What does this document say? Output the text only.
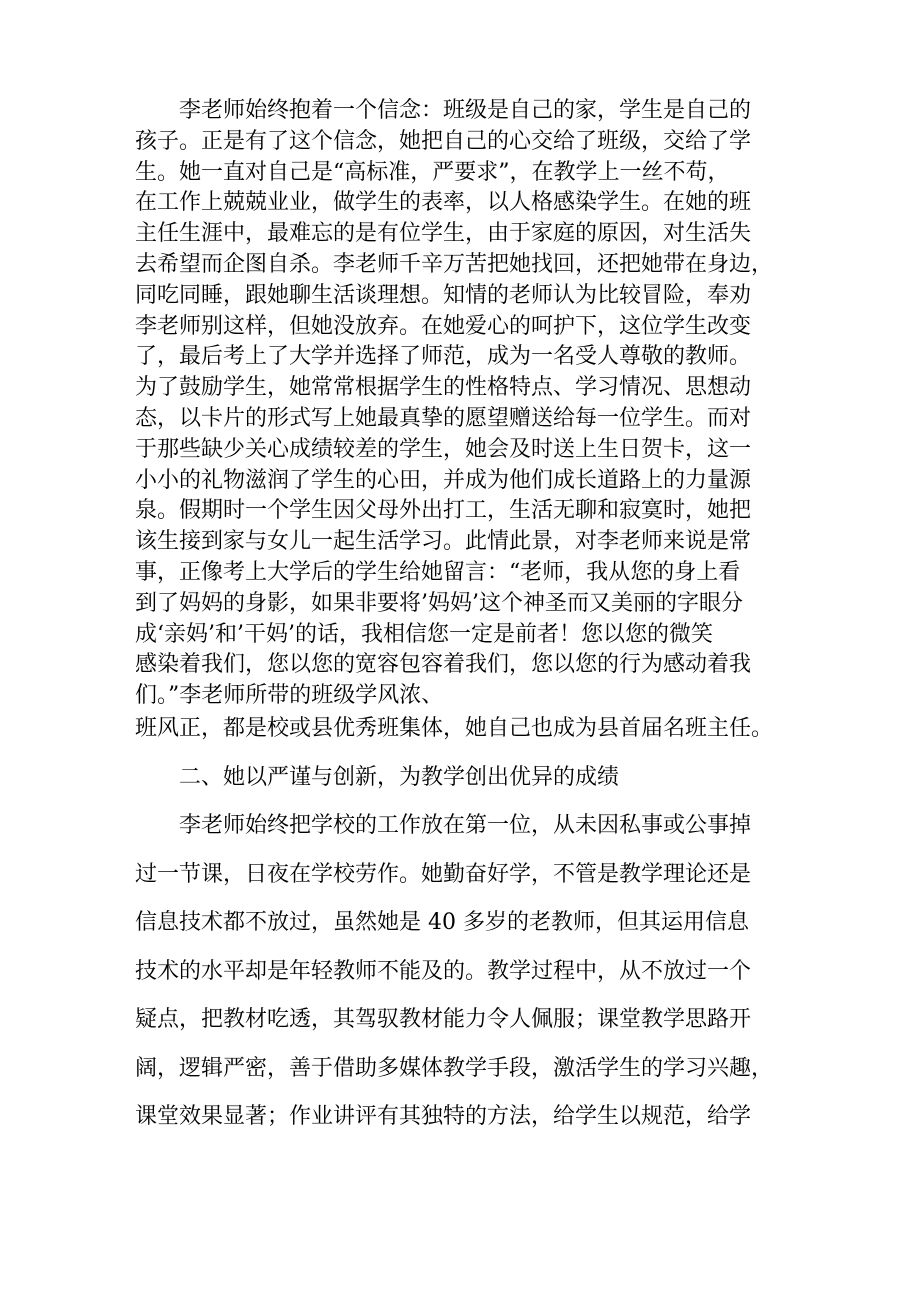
　　李老师始终抱着一个信念：班级是自己的家，学生是自己的
孩子。正是有了这个信念，她把自己的心交给了班级，交给了学
生。她一直对自己是“高标准，严要求”，在教学上一丝不苟，
在工作上兢兢业业，做学生的表率，以人格感染学生。在她的班
主任生涯中，最难忘的是有位学生，由于家庭的原因，对生活失
去希望而企图自杀。李老师千辛万苦把她找回，还把她带在身边，
同吃同睡，跟她聊生活谈理想。知情的老师认为比较冒险，奉劝
李老师别这样，但她没放弃。在她爱心的呵护下，这位学生改变
了，最后考上了大学并选择了师范，成为一名受人尊敬的教师。
为了鼓励学生，她常常根据学生的性格特点、学习情况、思想动
态，以卡片的形式写上她最真挚的愿望赠送给每一位学生。而对
于那些缺少关心成绩较差的学生，她会及时送上生日贺卡，这一
小小的礼物滋润了学生的心田，并成为他们成长道路上的力量源
泉。假期时一个学生因父母外出打工，生活无聊和寂寞时，她把
该生接到家与女儿一起生活学习。此情此景，对李老师来说是常
事，正像考上大学后的学生给她留言：“老师，我从您的身上看
到了妈妈的身影，如果非要将’妈妈’这个神圣而又美丽的字眼分
成‘亲妈’和’干妈’的话，我相信您一定是前者！您以您的微笑
感染着我们，您以您的宽容包容着我们，您以您的行为感动着我
们。”李老师所带的班级学风浓、
班风正，都是校或县优秀班集体，她自己也成为县首届名班主任。
　　二、她以严谨与创新，为教学创出优异的成绩
　　李老师始终把学校的工作放在第一位，从未因私事或公事掉
过一节课，日夜在学校劳作。她勤奋好学，不管是教学理论还是
信息技术都不放过，虽然她是 40 多岁的老教师，但其运用信息
技术的水平却是年轻教师不能及的。教学过程中，从不放过一个
疑点，把教材吃透，其驾驭教材能力令人佩服；课堂教学思路开
阔，逻辑严密，善于借助多媒体教学手段，激活学生的学习兴趣，
课堂效果显著；作业讲评有其独特的方法，给学生以规范，给学
